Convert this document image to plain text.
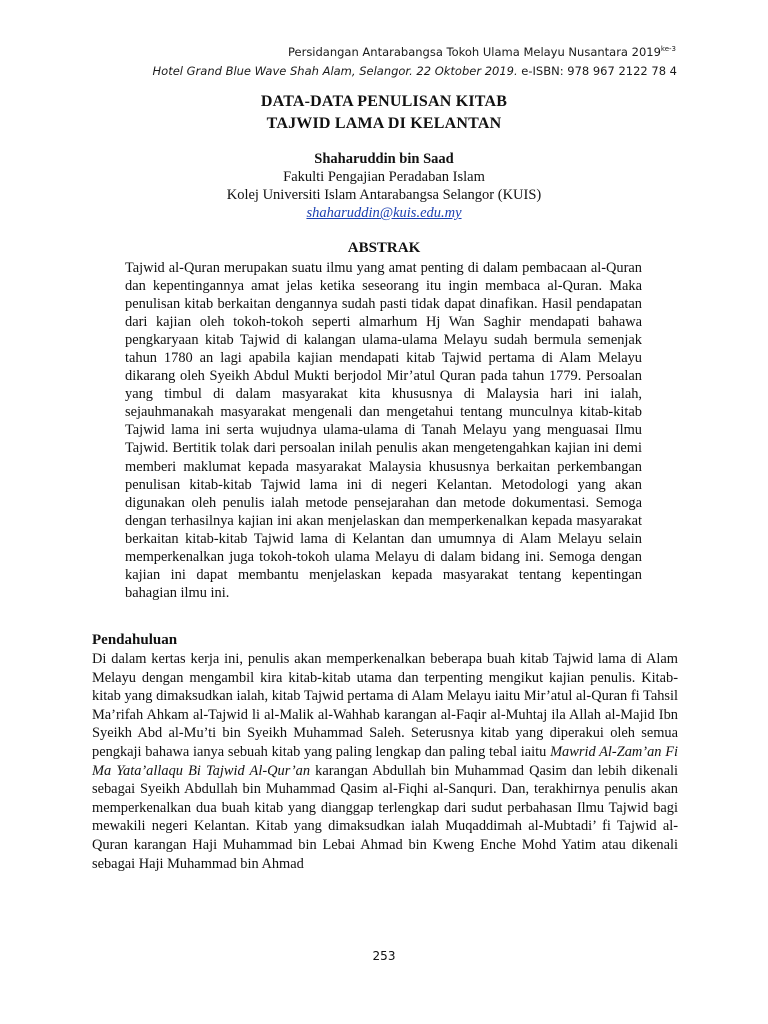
Persidangan Antarabangsa Tokoh Ulama Melayu Nusantara $2019^{ke-3}$
Hotel Grand Blue Wave Shah Alam, Selangor. 22 Oktober 2019. e-ISBN: 978 967 2122 78 4
DATA-DATA PENULISAN KITAB
TAJWID LAMA DI KELANTAN
Shaharuddin bin Saad
Fakulti Pengajian Peradaban Islam
Kolej Universiti Islam Antarabangsa Selangor (KUIS)
shaharuddin@kuis.edu.my
ABSTRAK
Tajwid al-Quran merupakan suatu ilmu yang amat penting di dalam pembacaan al-Quran dan kepentingannya amat jelas ketika seseorang itu ingin membaca al-Quran. Maka penulisan kitab berkaitan dengannya sudah pasti tidak dapat dinafikan. Hasil pendapatan dari kajian oleh tokoh-tokoh seperti almarhum Hj Wan Saghir mendapati bahawa pengkaryaan kitab Tajwid di kalangan ulama-ulama Melayu sudah bermula semenjak tahun 1780 an lagi apabila kajian mendapati kitab Tajwid pertama di Alam Melayu dikarang oleh Syeikh Abdul Mukti berjodol Mir’atul Quran pada tahun 1779. Persoalan yang timbul di dalam masyarakat kita khususnya di Malaysia hari ini ialah, sejauhmanakah masyarakat mengenali dan mengetahui tentang munculnya kitab-kitab Tajwid lama ini serta wujudnya ulama-ulama di Tanah Melayu yang menguasai Ilmu Tajwid. Bertitik tolak dari persoalan inilah penulis akan mengetengahkan kajian ini demi memberi maklumat kepada masyarakat Malaysia khususnya berkaitan perkembangan penulisan kitab-kitab Tajwid lama ini di negeri Kelantan. Metodologi yang akan digunakan oleh penulis ialah metode pensejarahan dan metode dokumentasi. Semoga dengan terhasilnya kajian ini akan menjelaskan dan memperkenalkan kepada masyarakat berkaitan kitab-kitab Tajwid lama di Kelantan dan umumnya di Alam Melayu selain memperkenalkan juga tokoh-tokoh ulama Melayu di dalam bidang ini. Semoga dengan kajian ini dapat membantu menjelaskan kepada masyarakat tentang kepentingan bahagian ilmu ini.
Pendahuluan
Di dalam kertas kerja ini, penulis akan memperkenalkan beberapa buah kitab Tajwid lama di Alam Melayu dengan mengambil kira kitab-kitab utama dan terpenting mengikut kajian penulis. Kitab-kitab yang dimaksudkan ialah, kitab Tajwid pertama di Alam Melayu iaitu Mir’atul al-Quran fi Tahsil Ma’rifah Ahkam al-Tajwid li al-Malik al-Wahhab karangan al-Faqir al-Muhtaj ila Allah al-Majid Ibn Syeikh Abd al-Mu’ti bin Syeikh Muhammad Saleh. Seterusnya kitab yang diperakui oleh semua pengkaji bahawa ianya sebuah kitab yang paling lengkap dan paling tebal iaitu Mawrid Al-Zam’an Fi Ma Yata’allaqu Bi Tajwid Al-Qur’an karangan Abdullah bin Muhammad Qasim dan lebih dikenali sebagai Syeikh Abdullah bin Muhammad Qasim al-Fiqhi al-Sanquri. Dan, terakhirnya penulis akan memperkenalkan dua buah kitab yang dianggap terlengkap dari sudut perbahasan Ilmu Tajwid bagi mewakili negeri Kelantan. Kitab yang dimaksudkan ialah Muqaddimah al-Mubtadi’ fi Tajwid al-Quran karangan Haji Muhammad bin Lebai Ahmad bin Kweng Enche Mohd Yatim atau dikenali sebagai Haji Muhammad bin Ahmad
253
